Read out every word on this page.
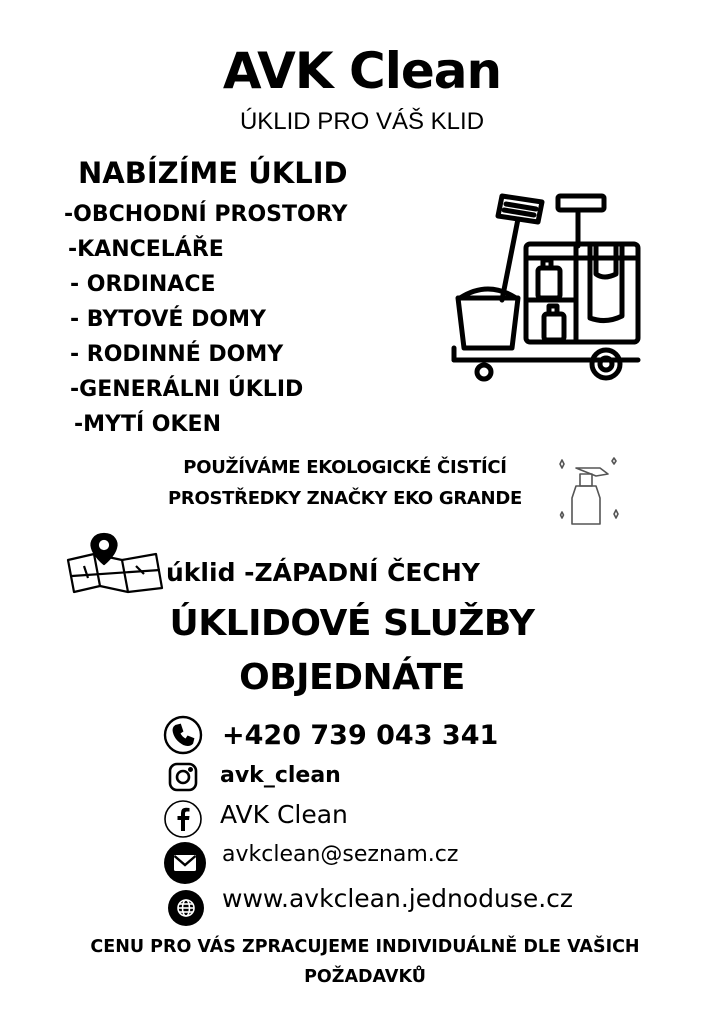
AVK Clean
ÚKLID PRO VÁŠ KLID
NABÍZÍME ÚKLID
-OBCHODNÍ PROSTORY
-KANCELÁŘE
- ORDINACE
- BYTOVÉ DOMY
- RODINNÉ DOMY
-GENERÁLNI ÚKLID
-MYTÍ OKEN
POUŽÍVÁME EKOLOGICKÉ ČISTÍCÍ
PROSTŘEDKY ZNAČKY EKO GRANDE
úklid -ZÁPADNÍ ČECHY
ÚKLIDOVÉ SLUŽBY
OBJEDNÁTE
+420 739 043 341
avk_clean
AVK Clean
avkclean@seznam.cz
www.avkclean.jednoduse.cz
CENU PRO VÁS ZPRACUJEME INDIVIDUÁLNĚ DLE VAŠICH
POŽADAVKŮ
